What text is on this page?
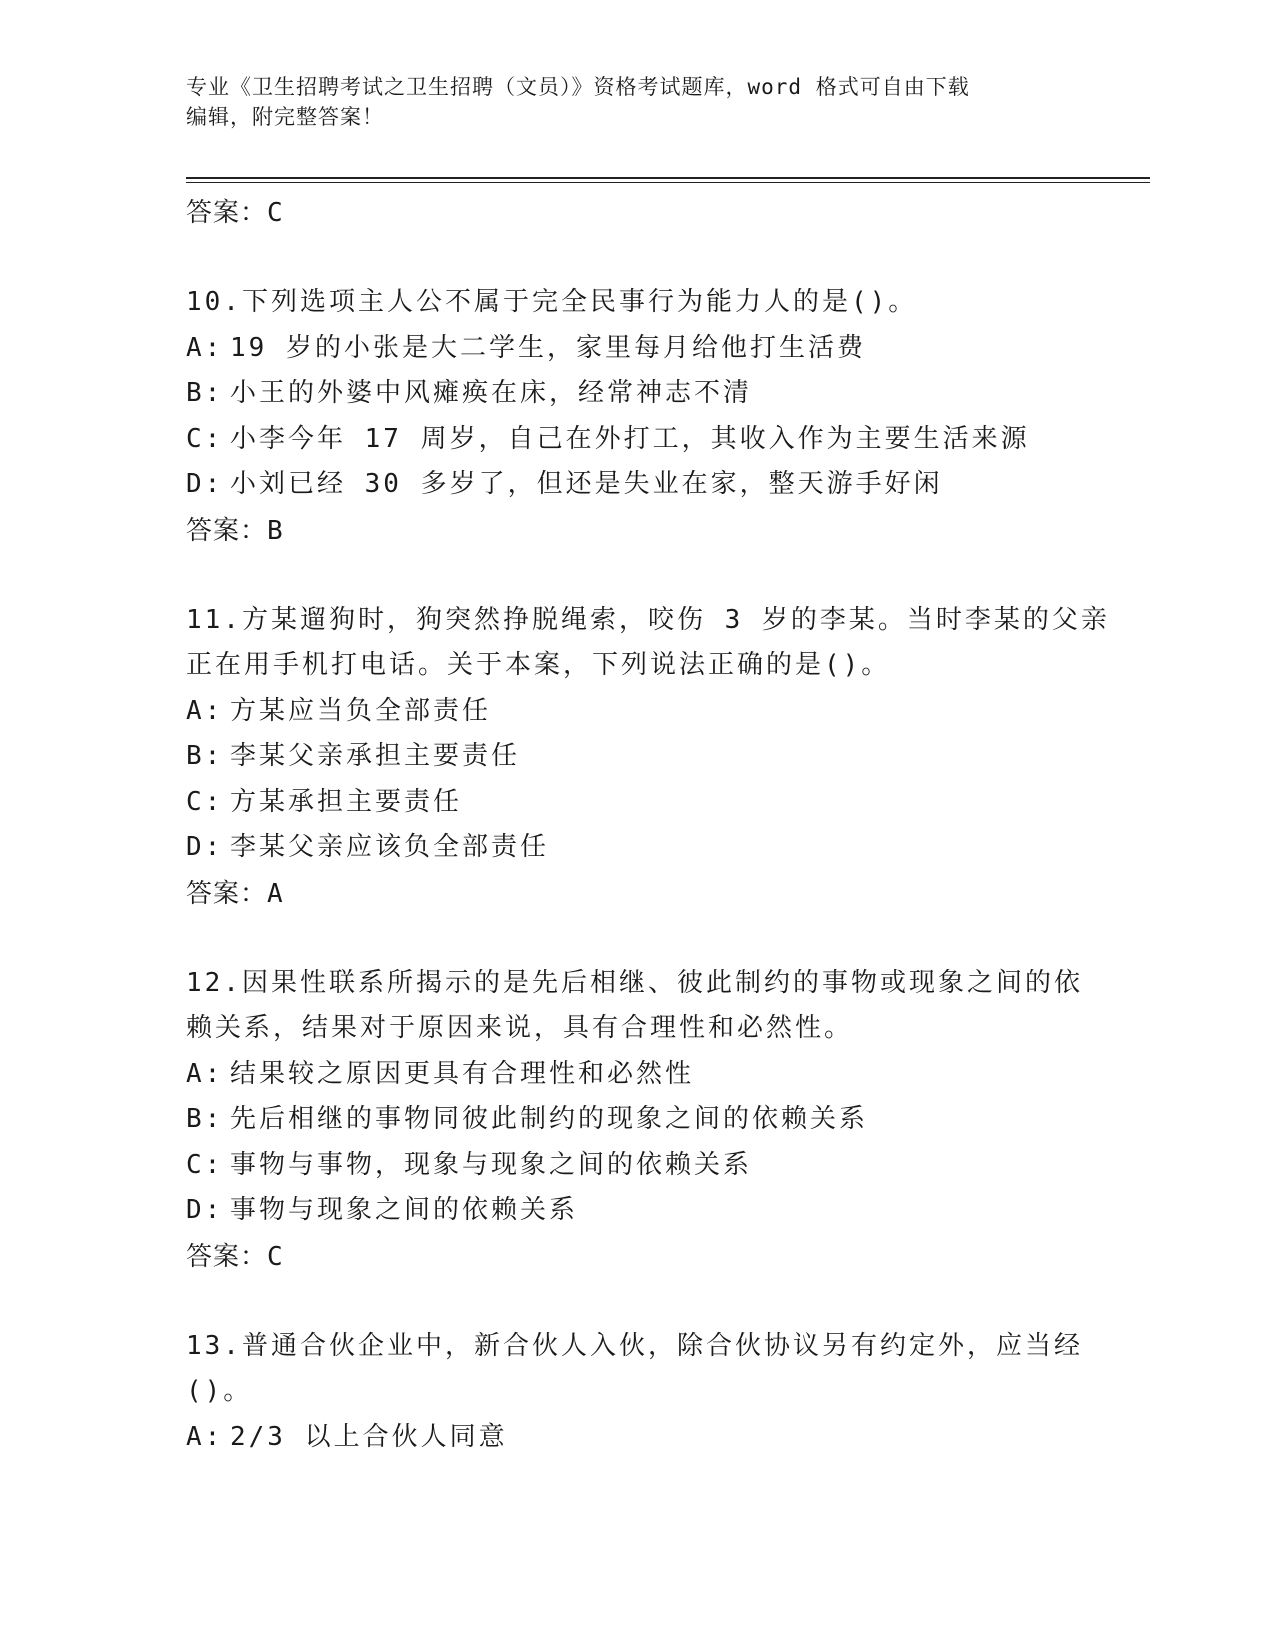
专业《卫生招聘考试之卫生招聘（文员）》资格考试题库，word 格式可自由下载
编辑，附完整答案！
答案：C
10.下列选项主人公不属于完全民事行为能力人的是()。
A: 19 岁的小张是大二学生，家里每月给他打生活费
B: 小王的外婆中风瘫痪在床，经常神志不清
C: 小李今年 17 周岁，自己在外打工，其收入作为主要生活来源
D: 小刘已经 30 多岁了，但还是失业在家，整天游手好闲
答案：B
11.方某遛狗时，狗突然挣脱绳索，咬伤 3 岁的李某。当时李某的父亲
正在用手机打电话。关于本案，下列说法正确的是()。
A: 方某应当负全部责任
B: 李某父亲承担主要责任
C: 方某承担主要责任
D: 李某父亲应该负全部责任
答案：A
12.因果性联系所揭示的是先后相继、彼此制约的事物或现象之间的依
赖关系，结果对于原因来说，具有合理性和必然性。
A: 结果较之原因更具有合理性和必然性
B: 先后相继的事物同彼此制约的现象之间的依赖关系
C: 事物与事物，现象与现象之间的依赖关系
D: 事物与现象之间的依赖关系
答案：C
13.普通合伙企业中，新合伙人入伙，除合伙协议另有约定外，应当经
()。
A: 2/3 以上合伙人同意
